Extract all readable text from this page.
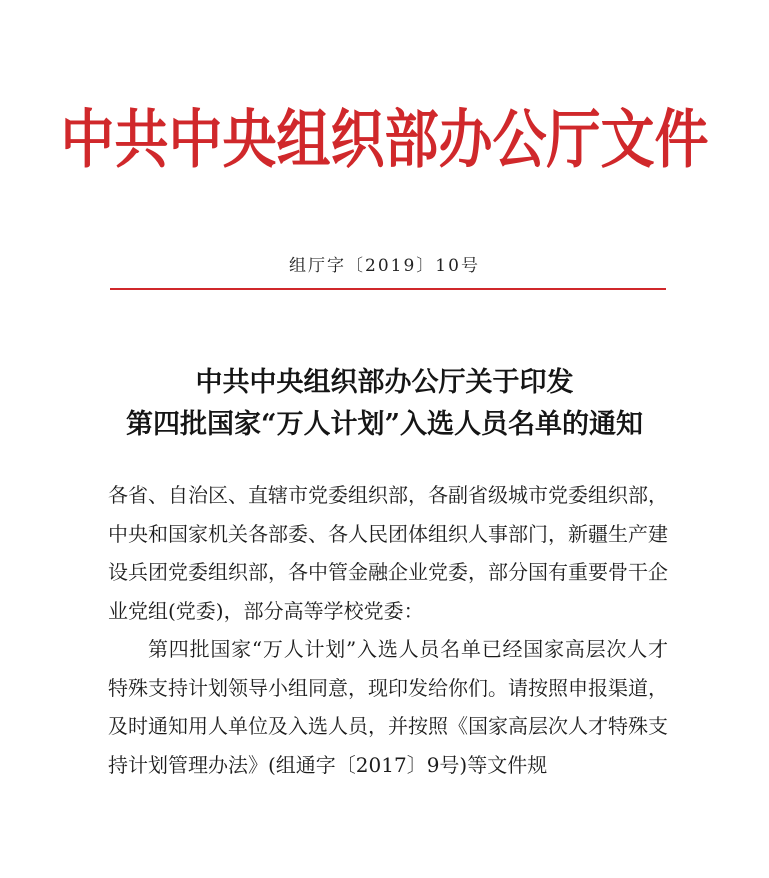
中共中央组织部办公厅文件
组厅字〔2019〕10号
中共中央组织部办公厅关于印发
第四批国家“万人计划”入选人员名单的通知

各省、自治区、直辖市党委组织部，各副省级城市党委组织部，中央和国家机关各部委、各人民团体组织人事部门，新疆生产建设兵团党委组织部，各中管金融企业党委，部分国有重要骨干企业党组(党委)，部分高等学校党委：

第四批国家“万人计划”入选人员名单已经国家高层次人才特殊支持计划领导小组同意，现印发给你们。请按照申报渠道，及时通知用人单位及入选人员，并按照《国家高层次人才特殊支持计划管理办法》(组通字〔2017〕9号)等文件规
